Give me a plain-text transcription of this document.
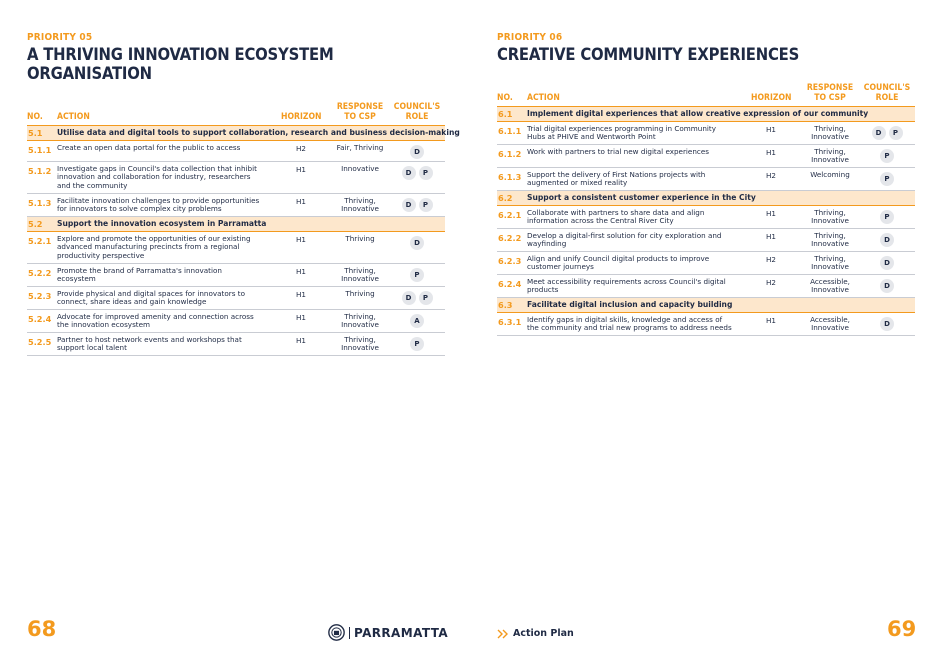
PRIORITY 05

A THRIVING INNOVATION ECOSYSTEM ORGANISATION
NO. ACTION	HORIZON
RESPONSE
TO CSP
COUNCIL'S
ROLE
5.1 Utilise data and digital tools to support collaboration, research and business decision-making
5.1.1 Create an open data portal for the public to access	H2	Fair, Thriving	D
5.1.2 Investigate gaps in Council's data collection that inhibit
innovation and collaboration for industry, researchers
and the community
H1	Innovative	D	P
5.1.3 Facilitate innovation challenges to provide opportunities
for innovators to solve complex city problems
H1	Thriving,
Innovative	D	P
5.2 Support the innovation ecosystem in Parramatta
5.2.1 Explore and promote the opportunities of our existing
advanced manufacturing precincts from a regional
productivity perspective
H1	Thriving	D
5.2.2 Promote the brand of Parramatta's innovation
ecosystem
H1	Thriving,
Innovative	P
5.2.3 Provide physical and digital spaces for innovators to
connect, share ideas and gain knowledge
H1	Thriving	D	P
5.2.4 Advocate for improved amenity and connection across
the innovation ecosystem
H1	Thriving,
Innovative	A
5.2.5 Partner to host network events and workshops that
support local talent
H1	Thriving,
Innovative	P
68	PARRAMATTA

PRIORITY 06

CREATIVE COMMUNITY EXPERIENCES
NO. ACTION	HORIZON
RESPONSE
TO CSP
COUNCIL'S
ROLE
6.1 Implement digital experiences that allow creative expression of our community
6.1.1 Trial digital experiences programming in Community
Hubs at PHIVE and Wentworth Point
H1	Thriving,
Innovative	D	P
6.1.2 Work with partners to trial new digital experiences	H1	Thriving,
Innovative	P
6.1.3 Support the delivery of First Nations projects with
augmented or mixed reality
H2	Welcoming	P
6.2 Support a consistent customer experience in the City
6.2.1 Collaborate with partners to share data and align
information across the Central River City
H1	Thriving,
Innovative	P
6.2.2 Develop a digital-first solution for city exploration and
wayfinding
H1	Thriving,
Innovative	D
6.2.3 Align and unify Council digital products to improve
customer journeys
H2	Thriving,
Innovative	D
6.2.4 Meet accessibility requirements across Council's digital
products
H2	Accessible,
Innovative	D
6.3 Facilitate digital inclusion and capacity building
6.3.1 Identify gaps in digital skills, knowledge and access of
the community and trial new programs to address needs
H1	Accessible,
Innovative	D
Action Plan	69
